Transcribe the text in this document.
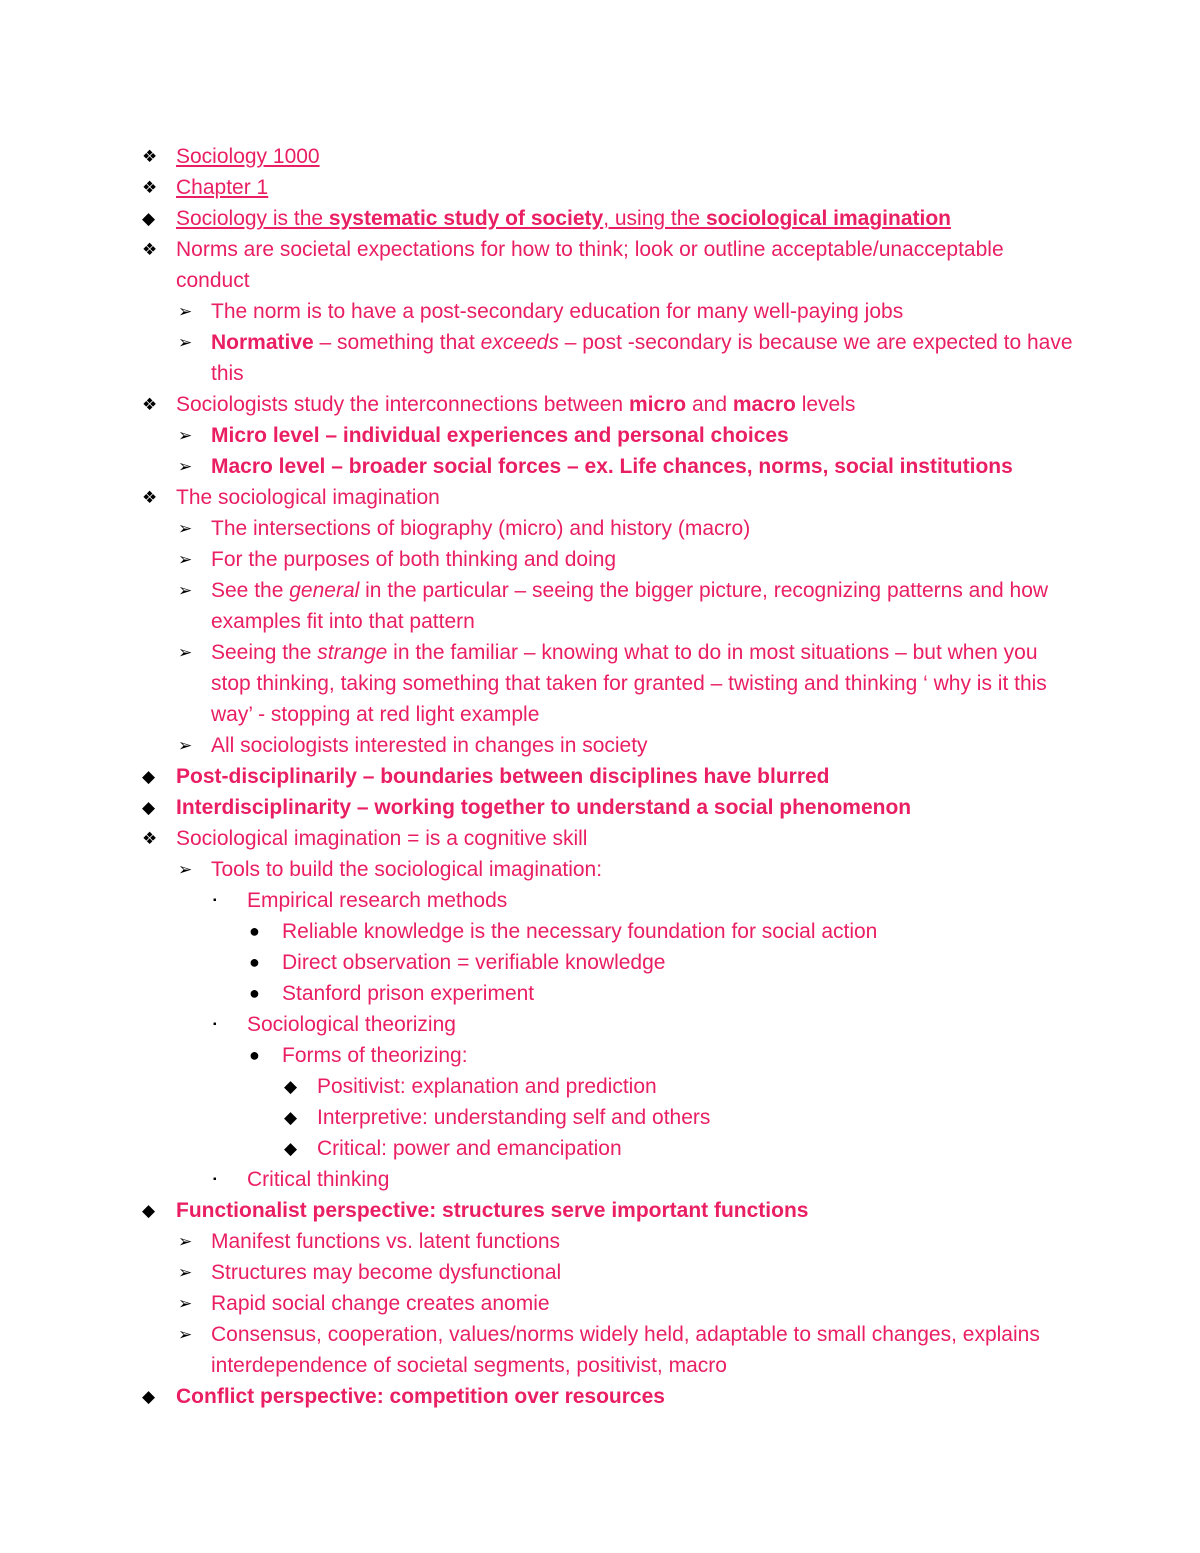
❖ Sociology 1000
❖ Chapter 1
◆ Sociology is the systematic study of society, using the sociological imagination
❖ Norms are societal expectations for how to think; look or outline acceptable/unacceptable conduct
➢ The norm is to have a post-secondary education for many well-paying jobs
➢ Normative – something that exceeds – post -secondary is because we are expected to have this
❖ Sociologists study the interconnections between micro and macro levels
➢ Micro level – individual experiences and personal choices
➢ Macro level – broader social forces – ex. Life chances, norms, social institutions
❖ The sociological imagination
➢ The intersections of biography (micro) and history (macro)
➢ For the purposes of both thinking and doing
➢ See the general in the particular – seeing the bigger picture, recognizing patterns and how examples fit into that pattern
➢ Seeing the strange in the familiar – knowing what to do in most situations – but when you stop thinking, taking something that taken for granted – twisting and thinking ‘ why is it this way’ - stopping at red light example
➢ All sociologists interested in changes in society
◆ Post-disciplinarily – boundaries between disciplines have blurred
◆ Interdisciplinarity – working together to understand a social phenomenon
❖ Sociological imagination = is a cognitive skill
➢ Tools to build the sociological imagination:
▪ Empirical research methods
● Reliable knowledge is the necessary foundation for social action
● Direct observation = verifiable knowledge
● Stanford prison experiment
▪ Sociological theorizing
● Forms of theorizing:
◆ Positivist: explanation and prediction
◆ Interpretive: understanding self and others
◆ Critical: power and emancipation
▪ Critical thinking
◆ Functionalist perspective: structures serve important functions
➢ Manifest functions vs. latent functions
➢ Structures may become dysfunctional
➢ Rapid social change creates anomie
➢ Consensus, cooperation, values/norms widely held, adaptable to small changes, explains interdependence of societal segments, positivist, macro
◆ Conflict perspective: competition over resources
